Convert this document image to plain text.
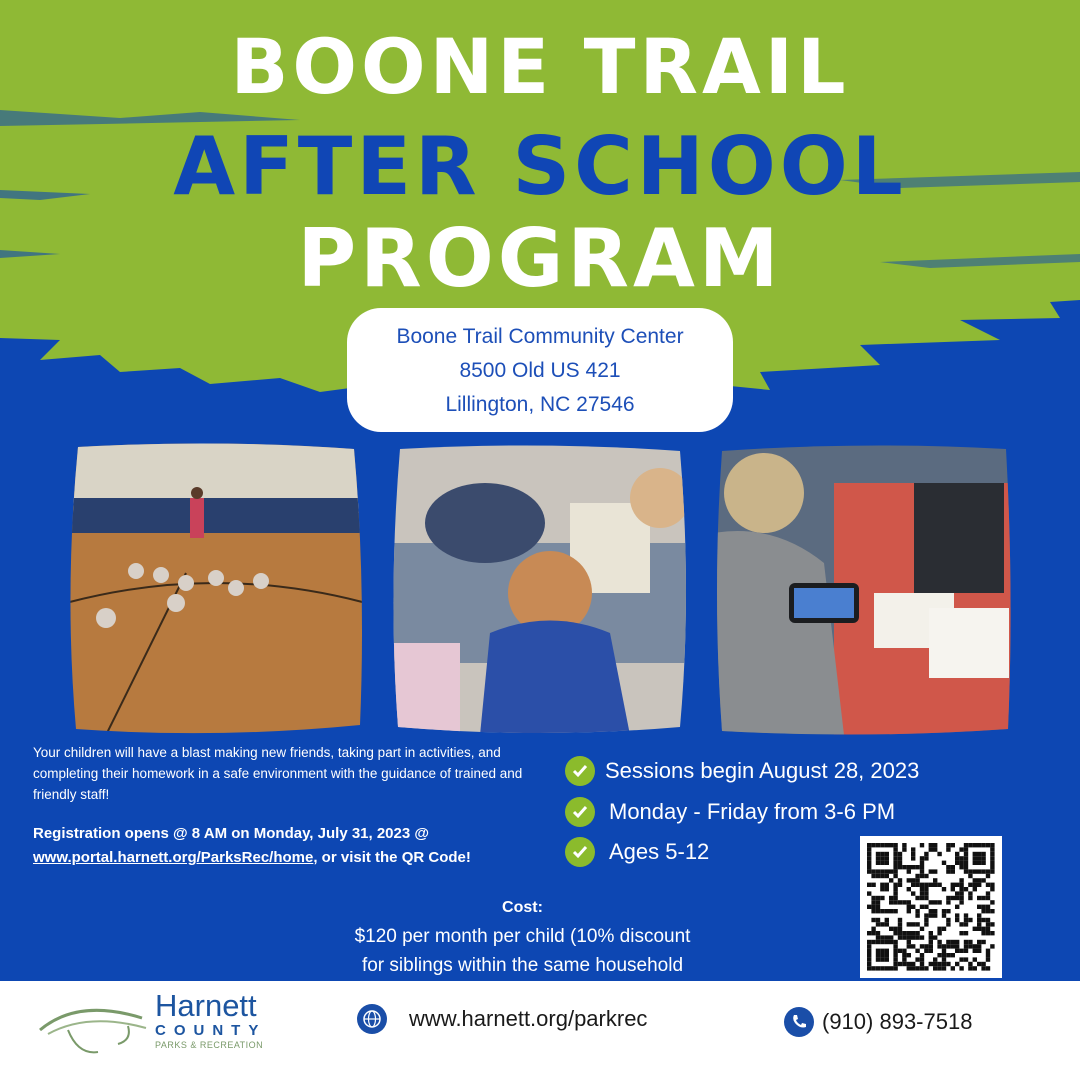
BOONE TRAIL
AFTER SCHOOL
PROGRAM
Boone Trail Community Center
8500 Old US 421
Lillington, NC 27546
Your children will have a blast making new friends, taking part in activities, and completing their homework in a safe environment with the guidance of trained and friendly staff!
Registration opens @ 8 AM on Monday, July 31, 2023 @ www.portal.harnett.org/ParksRec/home, or visit the QR Code!
Sessions begin August 28, 2023
Monday - Friday from 3-6 PM
Ages 5-12
Cost:
$120 per month per child (10% discount
for siblings within the same household
Harnett
COUNTY
PARKS & RECREATION
www.harnett.org/parkrec	(910) 893-7518
